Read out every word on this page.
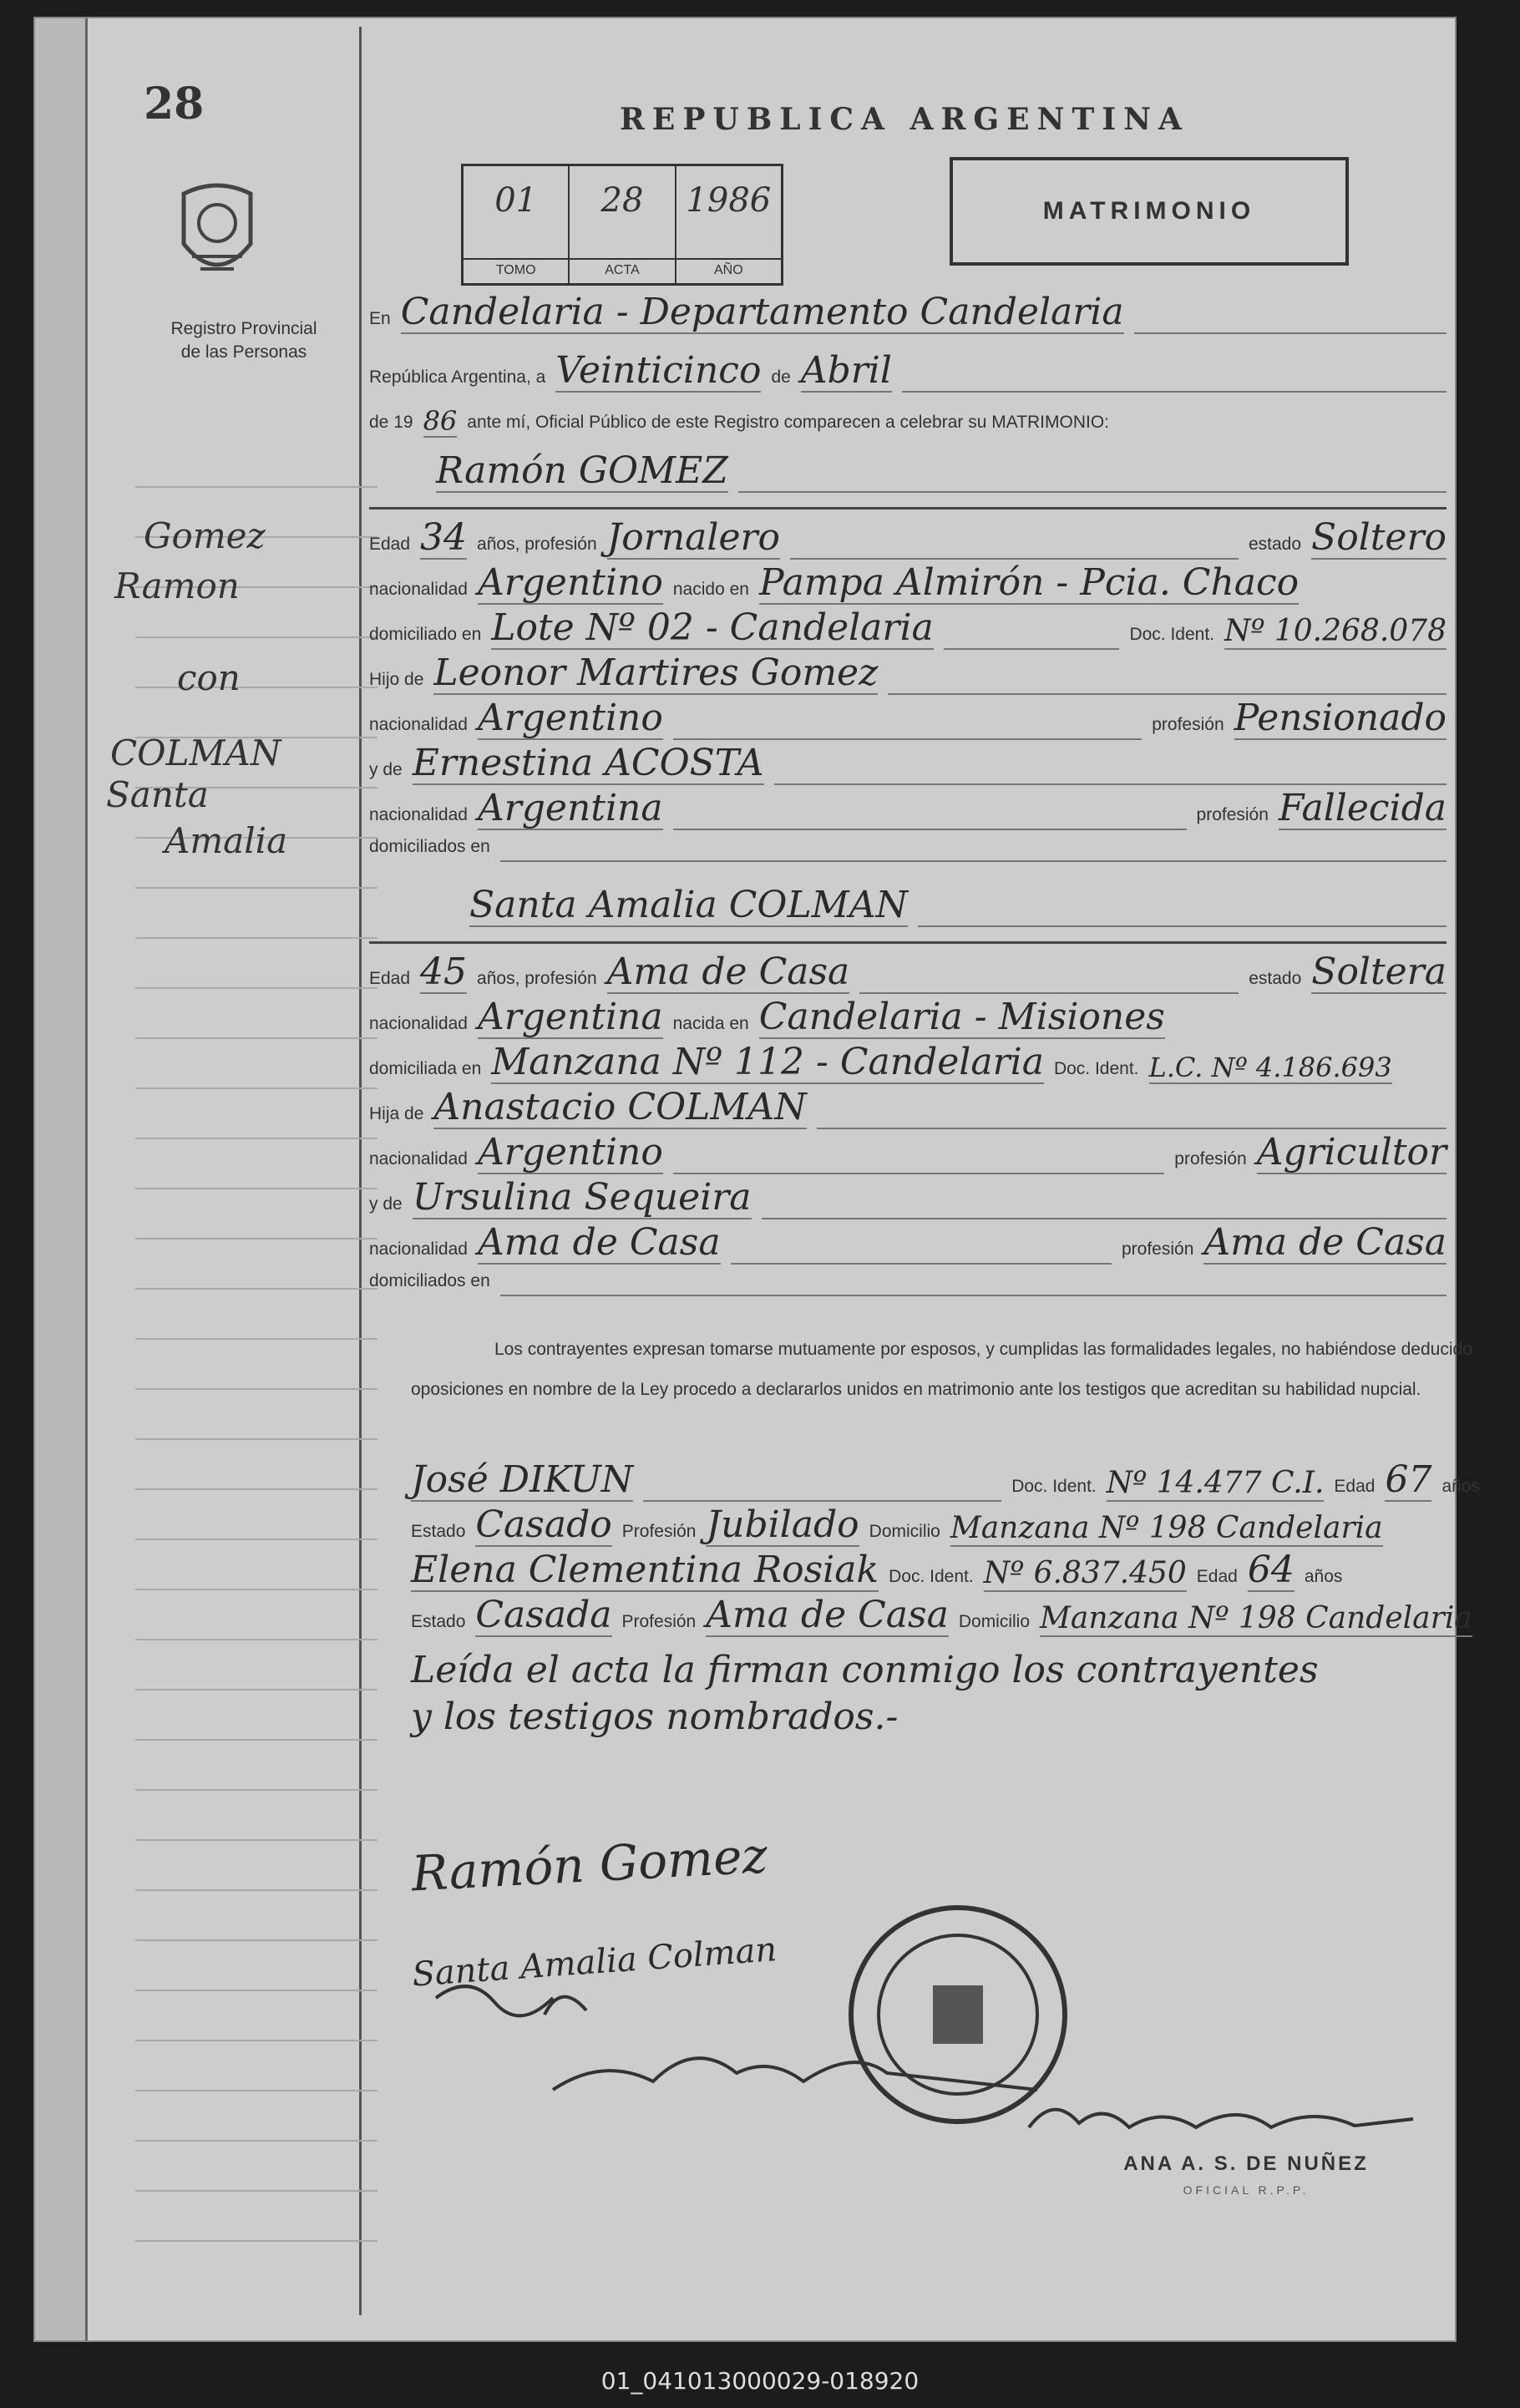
28	REPUBLICA ARGENTINA
Registro Provincial
de las Personas
01
TOMO
28
ACTA
1986
AÑO
MATRIMONIO
Gomez
Ramon
con
COLMAN
Santa
Amalia
En Candelaria - Departamento Candelaria
República Argentina, a Veinticinco de Abril
de 19 86 ante mí, Oficial Público de este Registro comparecen a celebrar su MATRIMONIO:
Ramón GOMEZ
Edad 34 años, profesión Jornalero	estado Soltero
nacionalidad Argentino nacido en Pampa Almirón - Pcia. Chaco
domiciliado en Lote Nº 02 - Candelaria	Doc. Ident. Nº 10.268.078
Hijo de Leonor Martires Gomez
nacionalidad Argentino	profesión Pensionado
y de Ernestina ACOSTA
nacionalidad Argentina	profesión Fallecida
domiciliados en
Santa Amalia COLMAN
Edad 45 años, profesión Ama de Casa	estado Soltera
nacionalidad Argentina nacida en Candelaria - Misiones
domiciliada en Manzana Nº 112 - Candelaria Doc. Ident. L.C. Nº 4.186.693
Hija de Anastacio COLMAN
nacionalidad Argentino	profesión Agricultor
y de Ursulina Sequeira
nacionalidad Ama de Casa	profesión Ama de Casa
domiciliados en
Los contrayentes expresan tomarse mutuamente por esposos, y cumplidas las formalidades legales, no habiéndose deducido oposiciones en nombre de la Ley procedo a declararlos unidos en matrimonio ante los testigos que acreditan su habilidad nupcial.
José DIKUN	Doc. Ident. Nº 14.477 C.I. Edad 67 años
Estado Casado Profesión Jubilado Domicilio Manzana Nº 198 Candelaria
Elena Clementina Rosiak Doc. Ident. Nº 6.837.450 Edad 64 años
Estado Casada Profesión Ama de Casa Domicilio Manzana Nº 198 Candelaria
Leída el acta la firman conmigo los contrayentes
y los testigos nombrados.-
Ramón Gomez
Santa Amalia Colman
ANA A. S. DE NUÑEZ
OFICIAL R.P.P.
01_041013000029-018920
